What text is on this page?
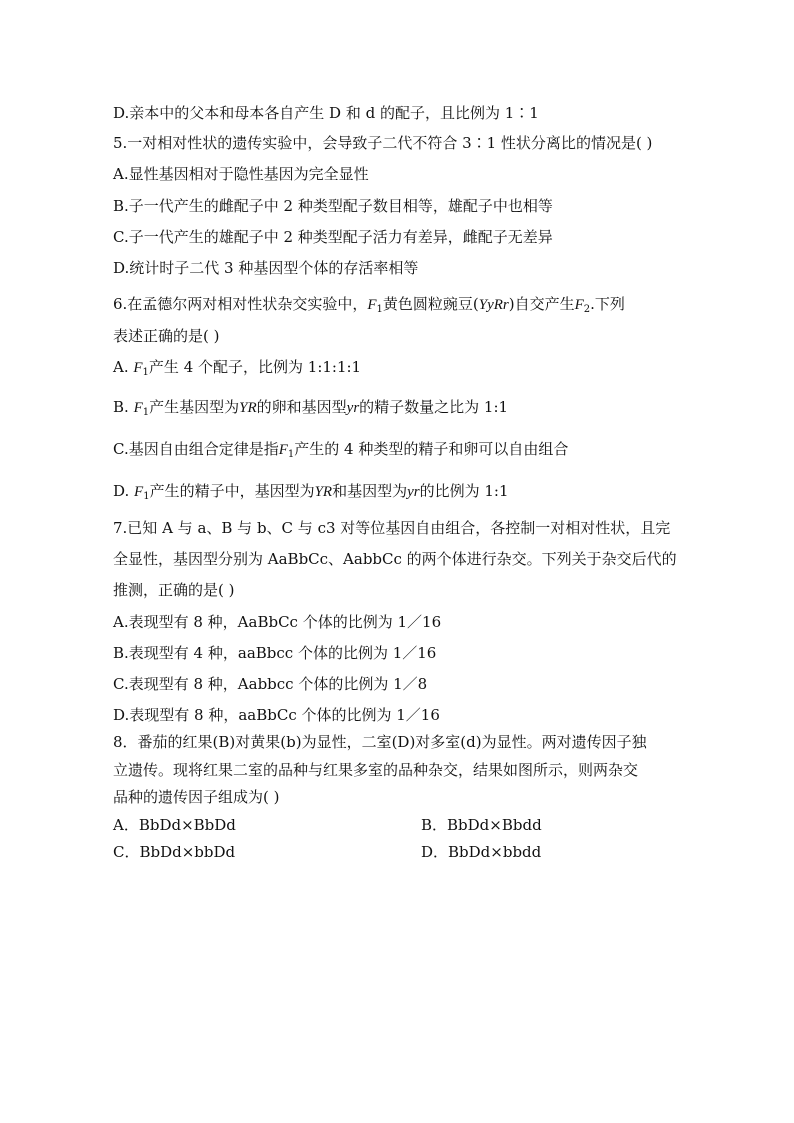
D.亲本中的父本和母本各自产生 D 和 d 的配子，且比例为 1∶1
5.一对相对性状的遗传实验中，会导致子二代不符合 3∶1 性状分离比的情况是( )
A.显性基因相对于隐性基因为完全显性
B.子一代产生的雌配子中 2 种类型配子数目相等，雄配子中也相等
C.子一代产生的雄配子中 2 种类型配子活力有差异，雌配子无差异
D.统计时子二代 3 种基因型个体的存活率相等
6.在孟德尔两对相对性状杂交实验中，$F_1$黄色圆粒豌豆(YyRr)自交产生$F_2$.下列
表述正确的是( )
A. $F_1$产生 4 个配子，比例为 1:1:1:1
B. $F_1$产生基因型为YR的卵和基因型yr的精子数量之比为 1:1
C.基因自由组合定律是指$F_1$产生的 4 种类型的精子和卵可以自由组合
D. $F_1$产生的精子中，基因型为YR和基因型为yr的比例为 1:1
7.已知 A 与 a、B 与 b、C 与 c3 对等位基因自由组合，各控制一对相对性状，且完
全显性，基因型分别为 AaBbCc、AabbCc 的两个体进行杂交。下列关于杂交后代的
推测，正确的是( )
A.表现型有 8 种，AaBbCc 个体的比例为 1／16
B.表现型有 4 种，aaBbcc 个体的比例为 1／16
C.表现型有 8 种，Aabbcc 个体的比例为 1／8
D.表现型有 8 种，aaBbCc 个体的比例为 1／16
8．番茄的红果(B)对黄果(b)为显性，二室(D)对多室(d)为显性。两对遗传因子独
立遗传。现将红果二室的品种与红果多室的品种杂交，结果如图所示，则两杂交
品种的遗传因子组成为( )
A．BbDd×BbDd	B．BbDd×Bbdd
C．BbDd×bbDd	D．BbDd×bbdd
